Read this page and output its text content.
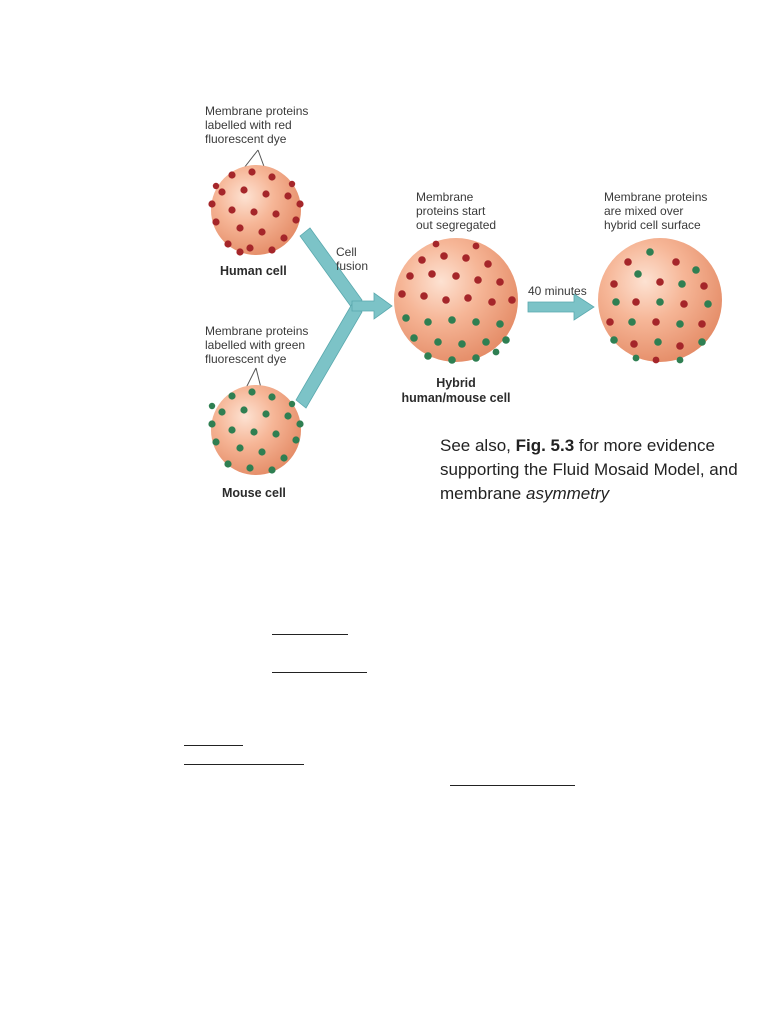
Membrane proteins
labelled with red
fluorescent dye
Human cell
Cell
fusion
Membrane proteins
labelled with green
fluorescent dye
Mouse cell
Membrane
proteins start
out segregated
Hybrid
human/mouse cell
40 minutes
Membrane proteins
are mixed over
hybrid cell surface
See also, Fig. 5.3 for more evidence supporting the Fluid Mosaid Model, and membrane asymmetry
